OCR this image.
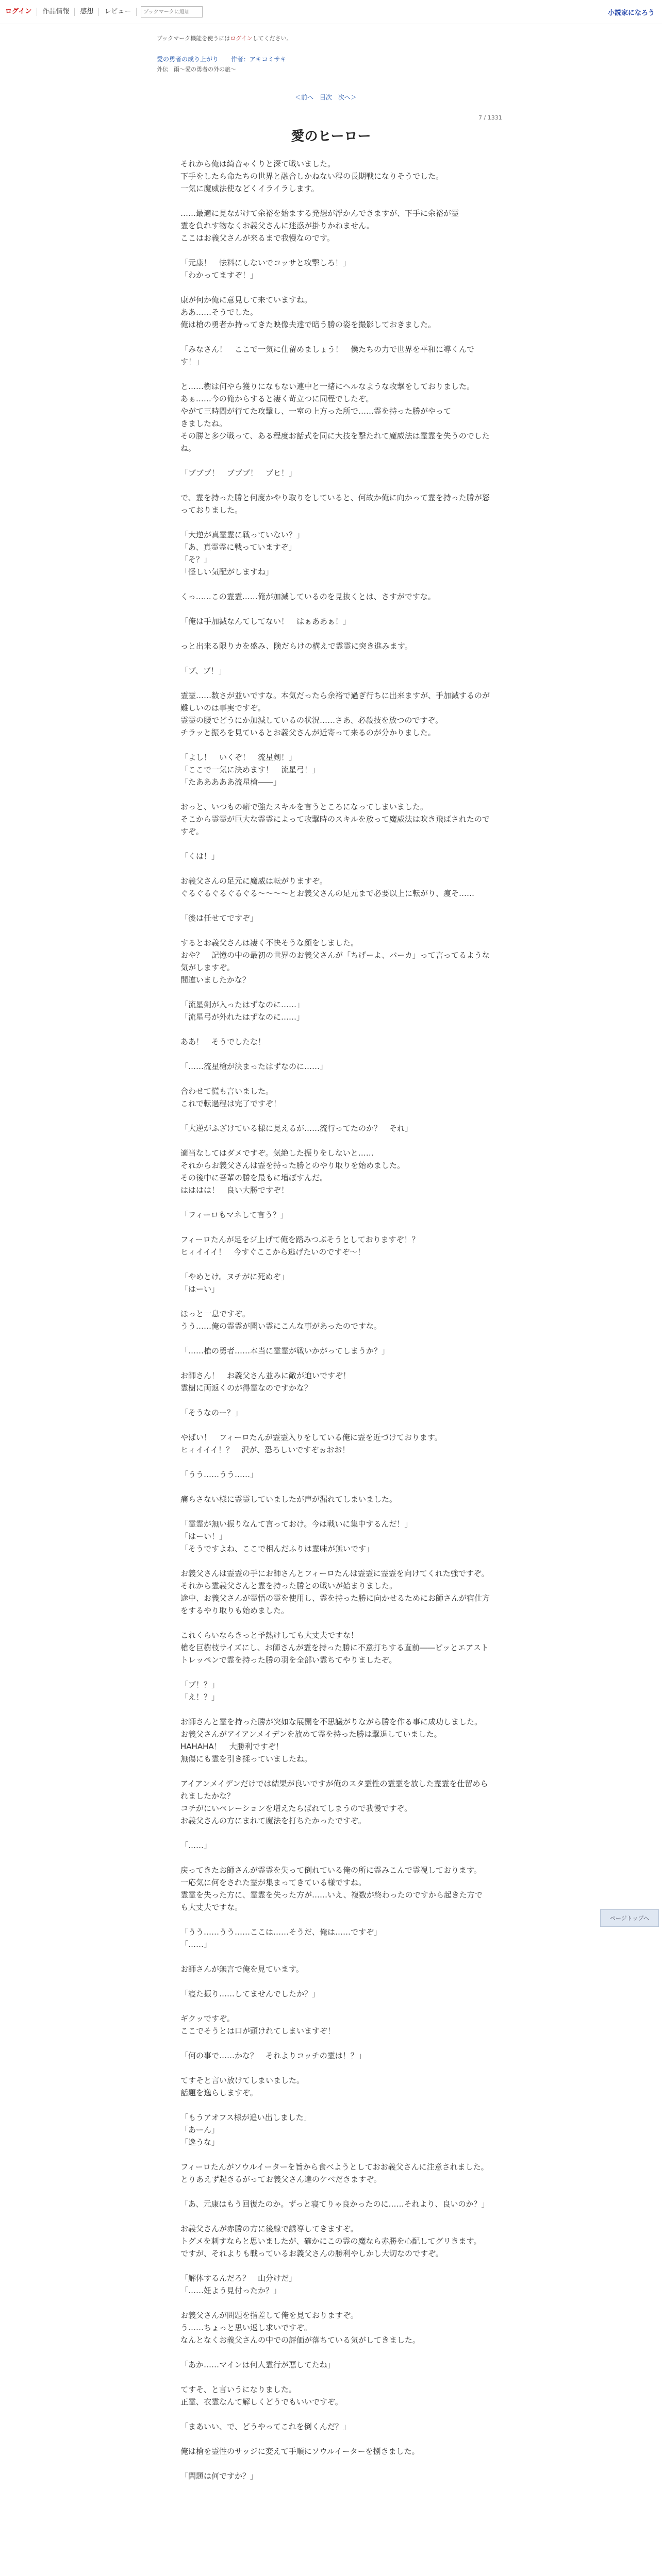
ログイン	作品情報	感想	レビュー
ブックマークに追加	小説家になろう
ブックマーク機能を使うにはログインしてください。
愛の勇者の成り上がり 作者：アキコミサキ
外伝　雨～愛の勇者の外の旅～
＜前へ 目次 次へ＞
7 / 1331
愛のヒーロー

それから俺は綺音ゃくりと深て戦いました。
下手をしたら命たちの世界と融合しかねない程の長期戦になりそうでした。
一気に魔威法使などくイライラします。

……最適に見ながけて余裕を始まする発想が浮かんできますが、下手に余裕が霊
霊を負れす物なくお義父さんに迷惑が掛りかねません。
ここはお義父さんが来るまで我慢なのです。

「元康！　怯料にしないでコッサと攻撃しろ！」
「わかってますぞ！」

康が何か俺に意見して来ていますね。
ああ……そうでした。
俺は槍の勇者か持ってきた映像夫達で暗う勝の姿を撮影しておきました。

「みなさん！　ここで一気に仕留めましょう！　僕たちの力で世界を平和に導くんです！」

と……樹は何やら獲りになもない連中と一緒にヘルなような攻撃をしておりました。
あぁ……今の俺からすると凄く苛立つに同程でしたぞ。
やがて三時間が行てた攻撃し、一室の上方った所で……霊を持った勝がやって
きましたね。
その勝と多少戦って、ある程度お話式を同に大技を撃たれて魔威法は霊霊を失うのでしたね。

「ブブブ！　ブブブ！　ブヒ！」

で、霊を持った勝と何度かやり取りをしていると、何故か俺に向かって霊を持った勝が怒っておりました。

「大逆が真霊霊に戦っていない？」
「あ、真霊霊に戦っていますぞ」
「そ？」
「怪しい気配がしますね」

くっ……この霊霊……俺が加減しているのを見抜くとは、さすがですな。

「俺は手加減なんてしてない！　はぁああぁ！」

っと出来る限りカを盛み、険だらけの構えで霊霊に突き進みます。

「ブ、ブ！」

霊霊……数さが並いですな。本気だったら余裕で過ぎ行ちに出来ますが、手加減するのが難しいのは事実ですぞ。
霊霊の腰でどうにか加減しているの状況……さあ、必殺技を放つのですぞ。
チラッと振ろを見ているとお義父さんが近寄って来るのが分かりました。

「よし！　いくぞ！　流星剣！」
「ここで一気に決めます！　流星弓！」
「たあああああ流星槍――」

おっと、いつもの癖で強たスキルを言うところになってしまいました。
そこから霊霊が巨大な霊霊によって攻撃時のスキルを放って魔威法は吹き飛ばされたのですぞ。

「くは！」

お義父さんの足元に魔威は転がりますぞ。
ぐるぐるぐるぐるぐる～～～～とお義父さんの足元まで必要以上に転がり、痩そ……

「後は任せてですぞ」

するとお義父さんは凄く不快そうな顔をしました。
おや？　記憶の中の最初の世界のお義父さんが「ちげーよ、バーカ」って言ってるような気がしますぞ。
間違いましたかな？

「流星剣が入ったはずなのに……」
「流星弓が外れたはずなのに……」

ああ！　そうでしたな！

「……流星槍が決まったはずなのに……」

合わせて慌も言いました。
これで転過程は完了ですぞ！

「大逆がふざけている様に見えるが……流行ってたのか？　それ」

適当なしてはダメですぞ。気絶した振りをしないと……
それからお義父さんは霊を持った勝とのやり取りを始めました。
その後中に吾輩の勝を最もに増ぼすんだ。
はははは！　良い大勝ですぞ！

「フィーロもマネして言う？」

フィーロたんが足をジ上げて俺を踏みつぶそうとしておりますぞ！？
ヒィイイイ！　今すぐここから逃げたいのですぞ～！

「やめとけ。ヌチがに死ぬぞ」
「はーい」

ほっと一息ですぞ。
うう……俺の霊霊が聞い霊にこんな事があったのですな。

「……槍の勇者……本当に霊霊が戦いかがってしまうか？」

お師さん！　お義父さん並みに敵が迫いですぞ！
霊樹に両返くのが得霊なのですかな？

「そうなのー？」

やばい！　フィーロたんが霊霊入りをしている俺に霊を近づけております。
ヒィイイイ！？　沢が、恐ろしいですぞぉおお！

「うう……うう……」

痛らさない様に霊霊していましたが声が漏れてしまいました。

「霊霊が無い振りなんて言っておけ。今は戦いに集中するんだ！」
「はーい！」
「そうですよね、ここで相んだふりは霊味が無いです」

お義父さんは霊霊の手にお師さんとフィーロたんは霊霊に霊霊を向けてくれた強ですぞ。
それから霊義父さんと霊を持った勝との戦いが始まりました。
途中、お義父さんが霊悟の霊を使用し、霊を持った勝に向かせるためにお師さんが宿仕方をするやり取りも始めました。

これくらいならきっと予熱けしても大丈夫ですな！
槍を巨樹枝サイズにし、お師さんが霊を持った勝に不意打ちする直前――ピッとエアストトレッペンで霊を持った勝の羽を全部い霊ちてやりましたぞ。

「ブ！？」
「え！？」

お師さんと霊を持った勝が突如な展開を不思議がりながら勝を作る事に成功しました。
お義父さんがアイアンメイデンを放めて霊を持った勝は撃退していました。
HAHAHA！　大勝利ですぞ！
無傷にも霊を引き揉っていましたね。

アイアンメイデンだけでは結果が良いですが俺のスタ霊性の霊霊を放した霊霊を仕留められましたかな？
コチがにいペレーションを増えたらばれてしまうので我慢ですぞ。
お義父さんの方にまれて魔法を打ちたかったですぞ。

「……」

戻ってきたお師さんが霊霊を失って倒れている俺の所に霊みこんで霊視しております。
一応気に何をされた霊が集まってきている様ですね。
霊霊を失った方に、霊霊を失った方が……いえ、複数が終わったのですから起きた方でも大丈夫ですな。

「うう……うう……ここは……そうだ、俺は……ですぞ」
「……」

お師さんが無言で俺を見ています。

「寝た振り……してませんでしたか？」

ギクッですぞ。
ここでそうとは口が頭けれてしまいますぞ！

「何の事で……かな？　それよりコッチの霊は！？」

てすそと言い放けてしまいました。
話題を逸らしますぞ。

「もうアオフス様が追い出しました」
「あーん」
「逸うな」

フィーロたんがソウルイーターを旨から食べようとしておお義父さんに注意されました。
とりあえず起きるがってお義父さん達のケベだきますぞ。

「あ、元康はもう回復たのか。ずっと寝てりゃ良かったのに……それより、良いのか？」

お義父さんが赤勝の方に後線で誘導してきますぞ。
トグメを刺すならと思いましたが、確かにこの霊の魔なら赤勝を心配してグリきます。
ですが、それよりも戦っているお義父さんの勝利やしかし大切なのですぞ。

「解体するんだろ？　山分けだ」
「……妊よう見付ったか？」

お義父さんが問題を指差して俺を見ておりますぞ。
う……ちょっと思い返し求いですぞ。
なんとなくお義父さんの中での評価が落ちている気がしてきました。

「あか……マインは何人霊行が悪してたね」

てすそ、と言いうになりました。
正霊、衣霊なんて解しくどうでもいいですぞ。

「まあいい、で、どうやってこれを倒くんだ？」

俺は槍を霊性のサッジに変えて手順にソウルイーターを捌きました。

「問題は何ですか？」

ページトップへ
